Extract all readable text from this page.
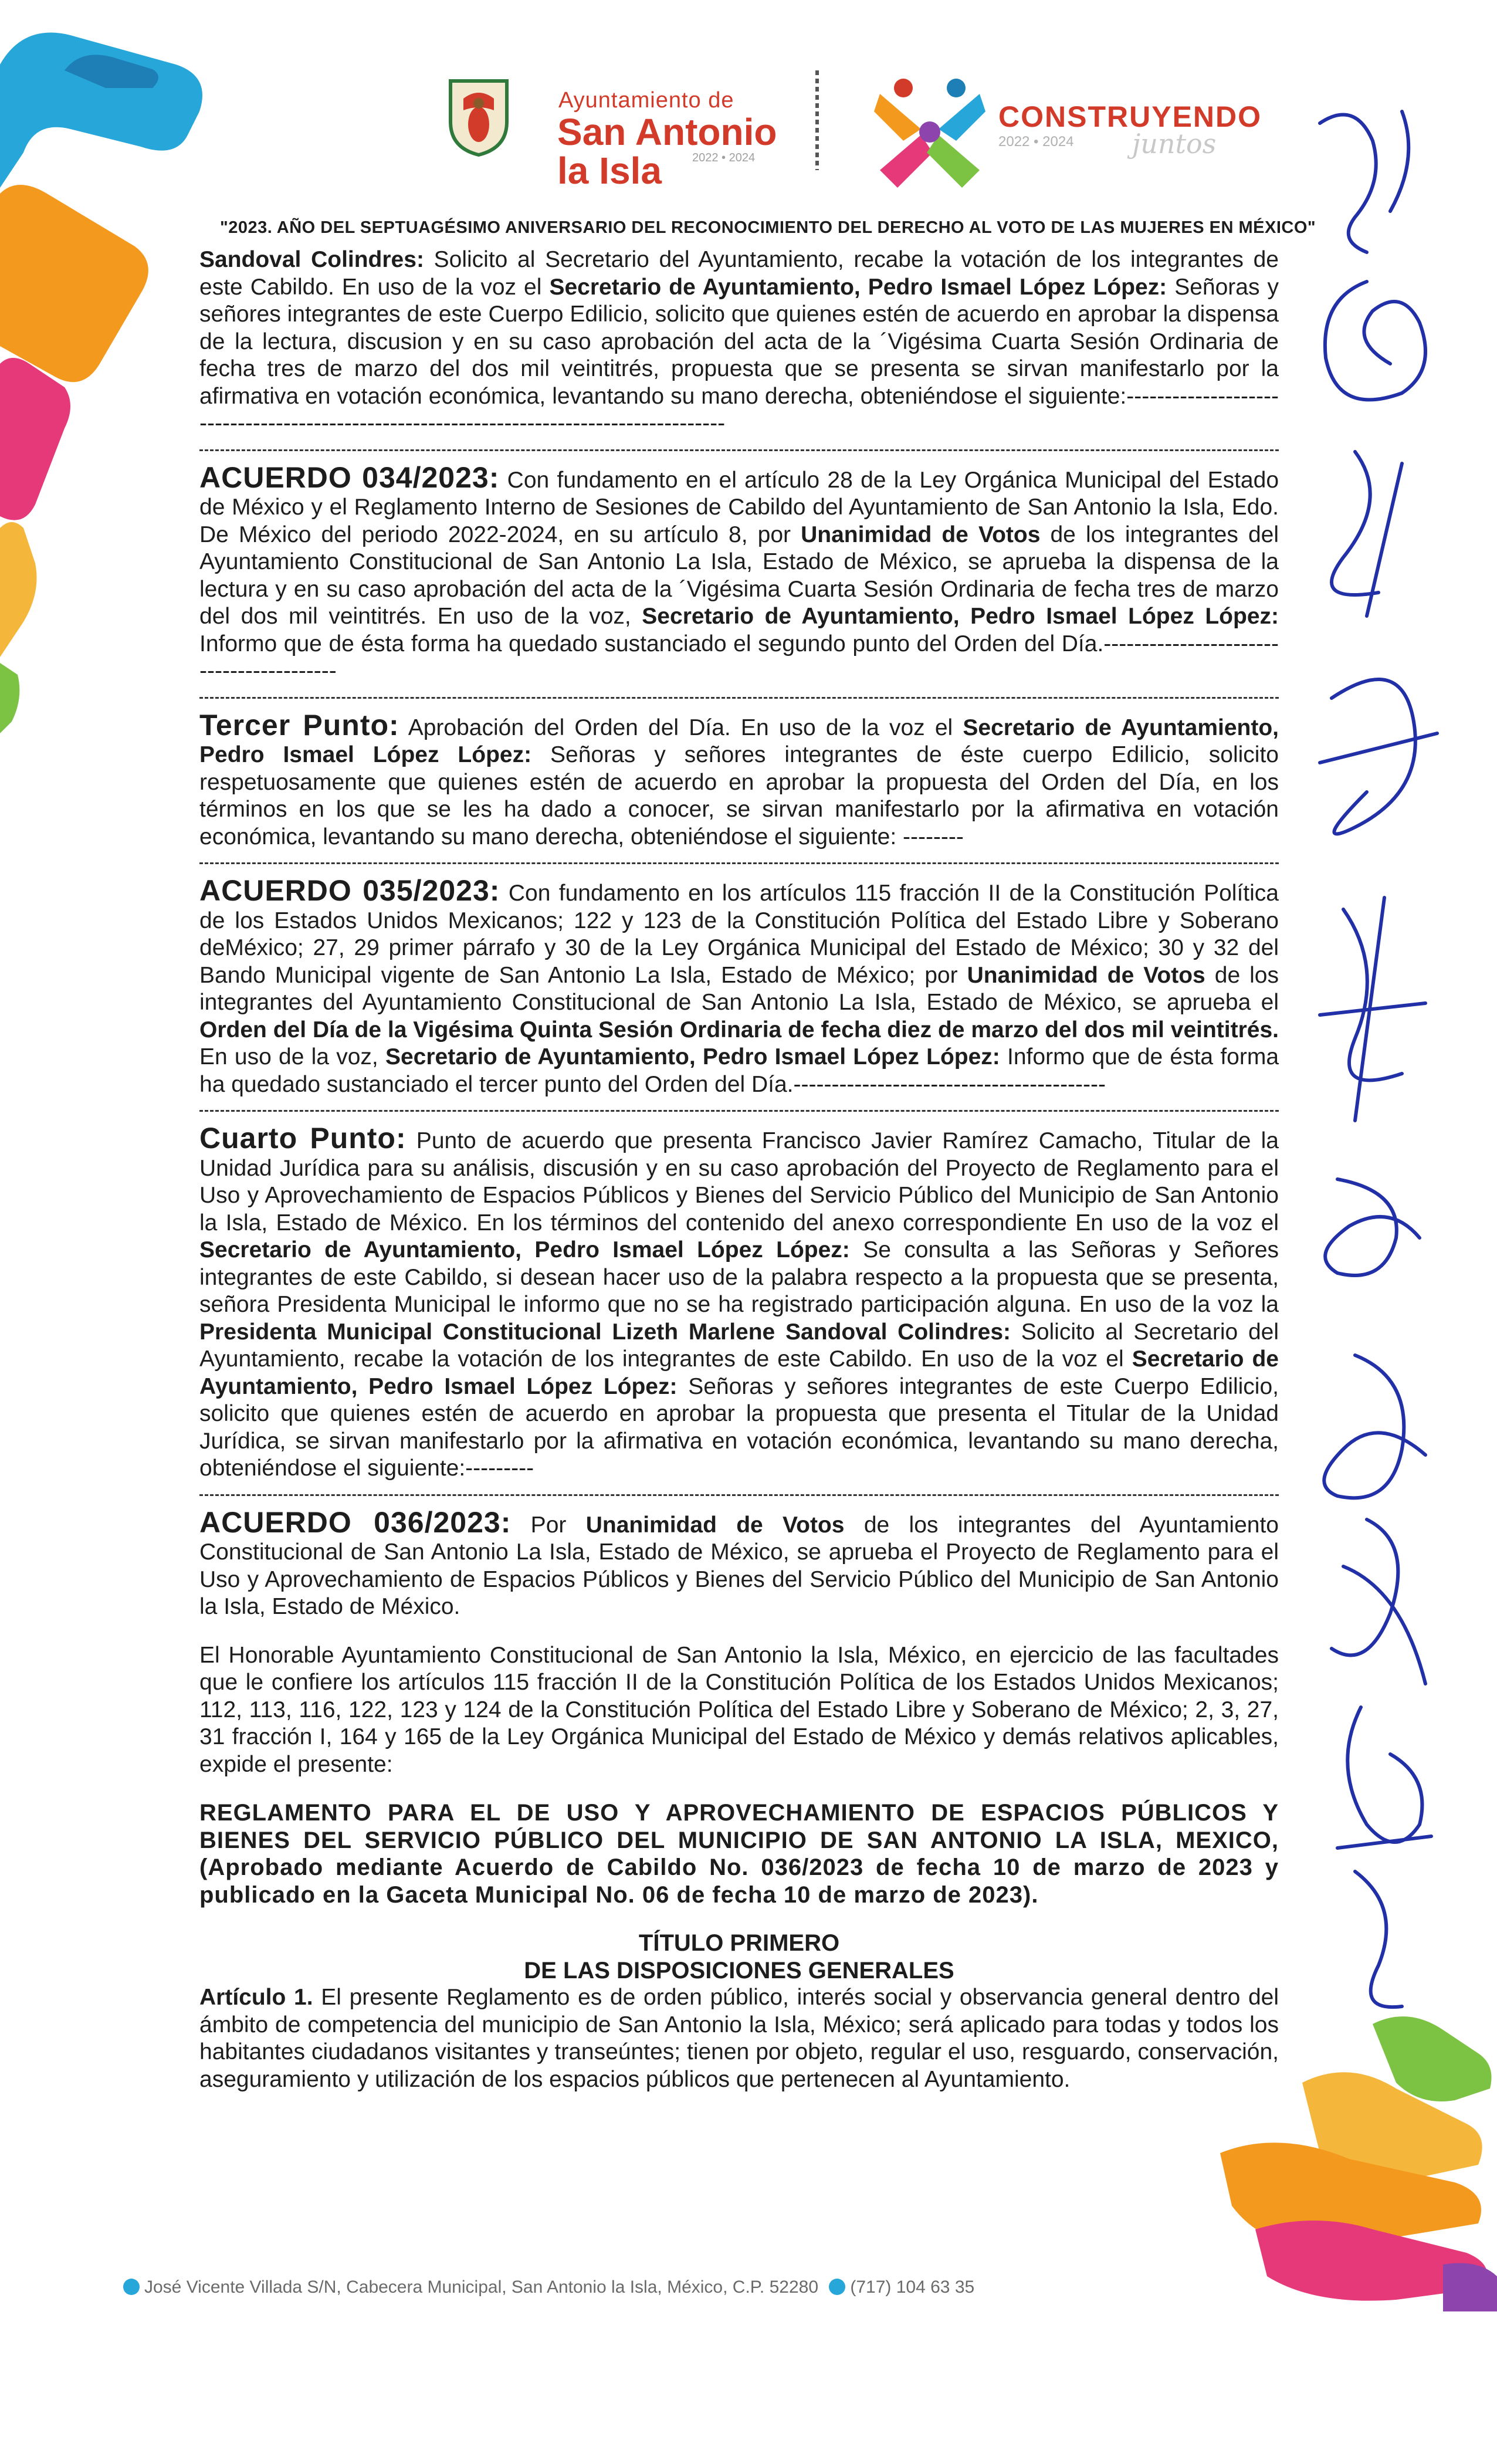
Ayuntamiento de
San Antonio
la Isla	2022 • 2024
CONSTRUYENDO
2022 • 2024 juntos
"2023. AÑO DEL SEPTUAGÉSIMO ANIVERSARIO DEL RECONOCIMIENTO DEL DERECHO AL VOTO DE LAS MUJERES EN MÉXICO"

Sandoval Colindres: Solicito al Secretario del Ayuntamiento, recabe la votación de los integrantes de este Cabildo. En uso de la voz el Secretario de Ayuntamiento, Pedro Ismael López López: Señoras y señores integrantes de este Cuerpo Edilicio, solicito que quienes estén de acuerdo en aprobar la dispensa de la lectura, discusion y en su caso aprobación del acta de la ´Vigésima Cuarta Sesión Ordinaria de fecha tres de marzo del dos mil veintitrés, propuesta que se presenta se sirvan manifestarlo por la afirmativa en votación económica, levantando su mano derecha, obteniéndose el siguiente:-----------------------------------------------------------------------------------------

ACUERDO 034/2023: Con fundamento en el artículo 28 de la Ley Orgánica Municipal del Estado de México y el Reglamento Interno de Sesiones de Cabildo del Ayuntamiento de San Antonio la Isla, Edo. De México del periodo 2022-2024, en su artículo 8, por Unanimidad de Votos de los integrantes del Ayuntamiento Constitucional de San Antonio La Isla, Estado de México, se aprueba la dispensa de la lectura y en su caso aprobación del acta de la ´Vigésima Cuarta Sesión Ordinaria de fecha tres de marzo del dos mil veintitrés. En uso de la voz, Secretario de Ayuntamiento, Pedro Ismael López López: Informo que de ésta forma ha quedado sustanciado el segundo punto del Orden del Día.-----------------------------------------

Tercer Punto: Aprobación del Orden del Día. En uso de la voz el Secretario de Ayuntamiento, Pedro Ismael López López: Señoras y señores integrantes de éste cuerpo Edilicio, solicito respetuosamente que quienes estén de acuerdo en aprobar la propuesta del Orden del Día, en los términos en los que se les ha dado a conocer, se sirvan manifestarlo por la afirmativa en votación económica, levantando su mano derecha, obteniéndose el siguiente: --------

ACUERDO 035/2023: Con fundamento en los artículos 115 fracción II de la Constitución Política de los Estados Unidos Mexicanos; 122 y 123 de la Constitución Política del Estado Libre y Soberano deMéxico; 27, 29 primer párrafo y 30 de la Ley Orgánica Municipal del Estado de México; 30 y 32 del Bando Municipal vigente de San Antonio La Isla, Estado de México; por Unanimidad de Votos de los integrantes del Ayuntamiento Constitucional de San Antonio La Isla, Estado de México, se aprueba el Orden del Día de la Vigésima Quinta Sesión Ordinaria de fecha diez de marzo del dos mil veintitrés. En uso de la voz, Secretario de Ayuntamiento, Pedro Ismael López López: Informo que de ésta forma ha quedado sustanciado el tercer punto del Orden del Día.-----------------------------------------

Cuarto Punto: Punto de acuerdo que presenta Francisco Javier Ramírez Camacho, Titular de la Unidad Jurídica para su análisis, discusión y en su caso aprobación del Proyecto de Reglamento para el Uso y Aprovechamiento de Espacios Públicos y Bienes del Servicio Público del Municipio de San Antonio la Isla, Estado de México. En los términos del contenido del anexo correspondiente En uso de la voz el Secretario de Ayuntamiento, Pedro Ismael López López: Se consulta a las Señoras y Señores integrantes de este Cabildo, si desean hacer uso de la palabra respecto a la propuesta que se presenta, señora Presidenta Municipal le informo que no se ha registrado participación alguna. En uso de la voz la Presidenta Municipal Constitucional Lizeth Marlene Sandoval Colindres: Solicito al Secretario del Ayuntamiento, recabe la votación de los integrantes de este Cabildo. En uso de la voz el Secretario de Ayuntamiento, Pedro Ismael López López: Señoras y señores integrantes de este Cuerpo Edilicio, solicito que quienes estén de acuerdo en aprobar la propuesta que presenta el Titular de la Unidad Jurídica, se sirvan manifestarlo por la afirmativa en votación económica, levantando su mano derecha, obteniéndose el siguiente:---------

ACUERDO 036/2023: Por Unanimidad de Votos de los integrantes del Ayuntamiento Constitucional de San Antonio La Isla, Estado de México, se aprueba el Proyecto de Reglamento para el Uso y Aprovechamiento de Espacios Públicos y Bienes del Servicio Público del Municipio de San Antonio la Isla, Estado de México.

El Honorable Ayuntamiento Constitucional de San Antonio la Isla, México, en ejercicio de las facultades que le confiere los artículos 115 fracción II de la Constitución Política de los Estados Unidos Mexicanos; 112, 113, 116, 122, 123 y 124 de la Constitución Política del Estado Libre y Soberano de México; 2, 3, 27, 31 fracción I, 164 y 165 de la Ley Orgánica Municipal del Estado de México y demás relativos aplicables, expide el presente:

REGLAMENTO PARA EL DE USO Y APROVECHAMIENTO DE ESPACIOS PÚBLICOS Y BIENES DEL SERVICIO PÚBLICO DEL MUNICIPIO DE SAN ANTONIO LA ISLA, MEXICO, (Aprobado mediante Acuerdo de Cabildo No. 036/2023 de fecha 10 de marzo de 2023 y publicado en la Gaceta Municipal No. 06 de fecha 10 de marzo de 2023).

TÍTULO PRIMERO

DE LAS DISPOSICIONES GENERALES

Artículo 1. El presente Reglamento es de orden público, interés social y observancia general dentro del ámbito de competencia del municipio de San Antonio la Isla, México; será aplicado para todas y todos los habitantes ciudadanos visitantes y transeúntes; tienen por objeto, regular el uso, resguardo, conservación, aseguramiento y utilización de los espacios públicos que pertenecen al Ayuntamiento.

José Vicente Villada S/N, Cabecera Municipal, San Antonio la Isla, México, C.P. 52280 (717) 104 63 35
